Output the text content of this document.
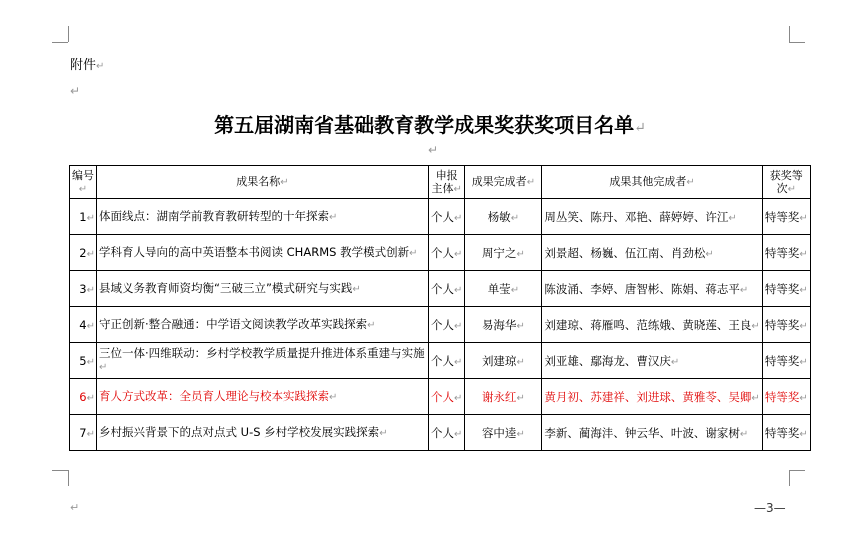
附件↵
↵
第五届湖南省基础教育教学成果奖获奖项目名单↵
↵
编号↵	成果名称↵	申报主体↵	成果完成者↵	成果其他完成者↵	获奖等次↵
1↵	体面线点：湖南学前教育教研转型的十年探索↵	个人↵	杨敏↵	周丛笑、陈丹、邓艳、薛婷婷、许江↵	特等奖↵
2↵	学科育人导向的高中英语整本书阅读 CHARMS 教学模式创新↵	个人↵	周宁之↵	刘景超、杨巍、伍江南、肖劲松↵	特等奖↵
3↵	县域义务教育师资均衡“三破三立”模式研究与实践↵	个人↵	单莹↵	陈波涌、李婷、唐智彬、陈娟、蒋志平↵	特等奖↵
4↵	守正创新·整合融通：中学语文阅读教学改革实践探索↵	个人↵	易海华↵	刘建琼、蒋雁鸣、范练娥、黄晓莲、王良↵	特等奖↵
5↵	三位一体·四维联动：乡村学校教学质量提升推进体系重建与实施↵	个人↵	刘建琼↵	刘亚雄、鄢海龙、曹汉庆↵	特等奖↵
6↵	育人方式改革：全员育人理论与校本实践探索↵	个人↵	谢永红↵	黄月初、苏建祥、刘进球、黄雅苓、吴卿↵	特等奖↵
7↵	乡村振兴背景下的点对点式 U-S 乡村学校发展实践探索↵	个人↵	容中逵↵	李新、蔺海沣、钟云华、叶波、谢家树↵	特等奖↵
↵	—3—
